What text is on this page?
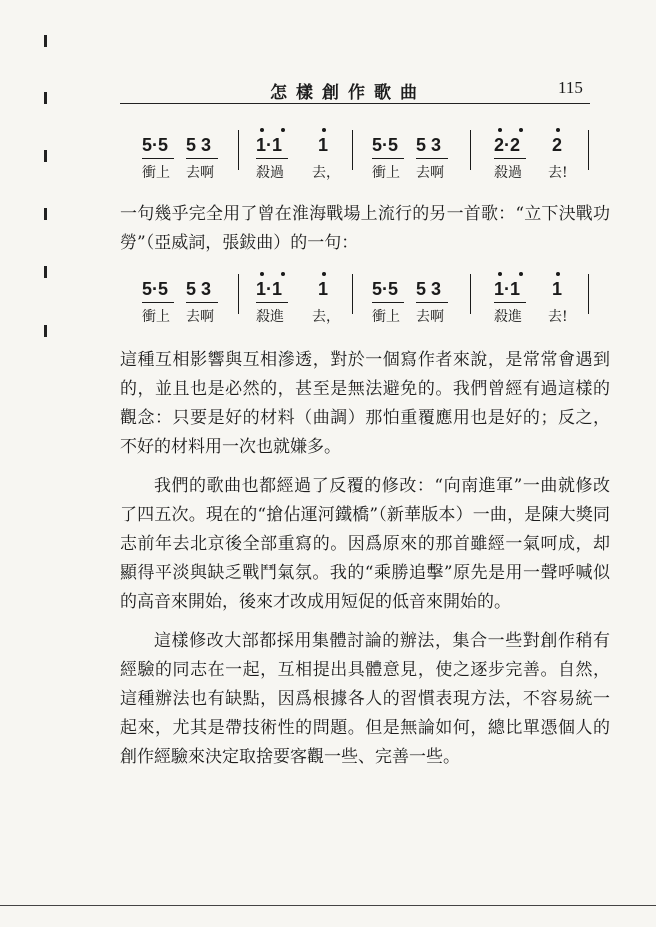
怎樣創作歌曲	115
5·5 5 3 1·1 1 5·5 5 3	2·2 2
衝上 去啊	殺過 去， 衝上 去啊	殺過 去!

一句幾乎完全用了曾在淮海戰場上流行的另一首歌：“立下決戰功勞”（亞威詞，張鈸曲）的一句：

5·5 5 3 1·1 1 5·5 5 3	1·1 1
衝上 去啊	殺進 去， 衝上 去啊	殺進 去!

這種互相影響與互相滲透，對於一個寫作者來說，是常常會遇到的，並且也是必然的，甚至是無法避免的。我們曾經有過這樣的觀念：只要是好的材料（曲調）那怕重覆應用也是好的；反之，不好的材料用一次也就嫌多。

我們的歌曲也都經過了反覆的修改：“向南進軍”一曲就修改了四五次。現在的“搶佔運河鐵橋”（新華版本）一曲，是陳大獎同志前年去北京後全部重寫的。因爲原來的那首雖經一氣呵成，却顯得平淡與缺乏戰鬥氣氛。我的“乘勝追擊”原先是用一聲呼喊似的高音來開始，後來才改成用短促的低音來開始的。

這樣修改大部都採用集體討論的辦法，集合一些對創作稍有經驗的同志在一起，互相提出具體意見，使之逐步完善。自然，這種辦法也有缺點，因爲根據各人的習慣表現方法，不容易統一起來，尤其是帶技術性的問題。但是無論如何，總比單憑個人的創作經驗來決定取捨要客觀一些、完善一些。
